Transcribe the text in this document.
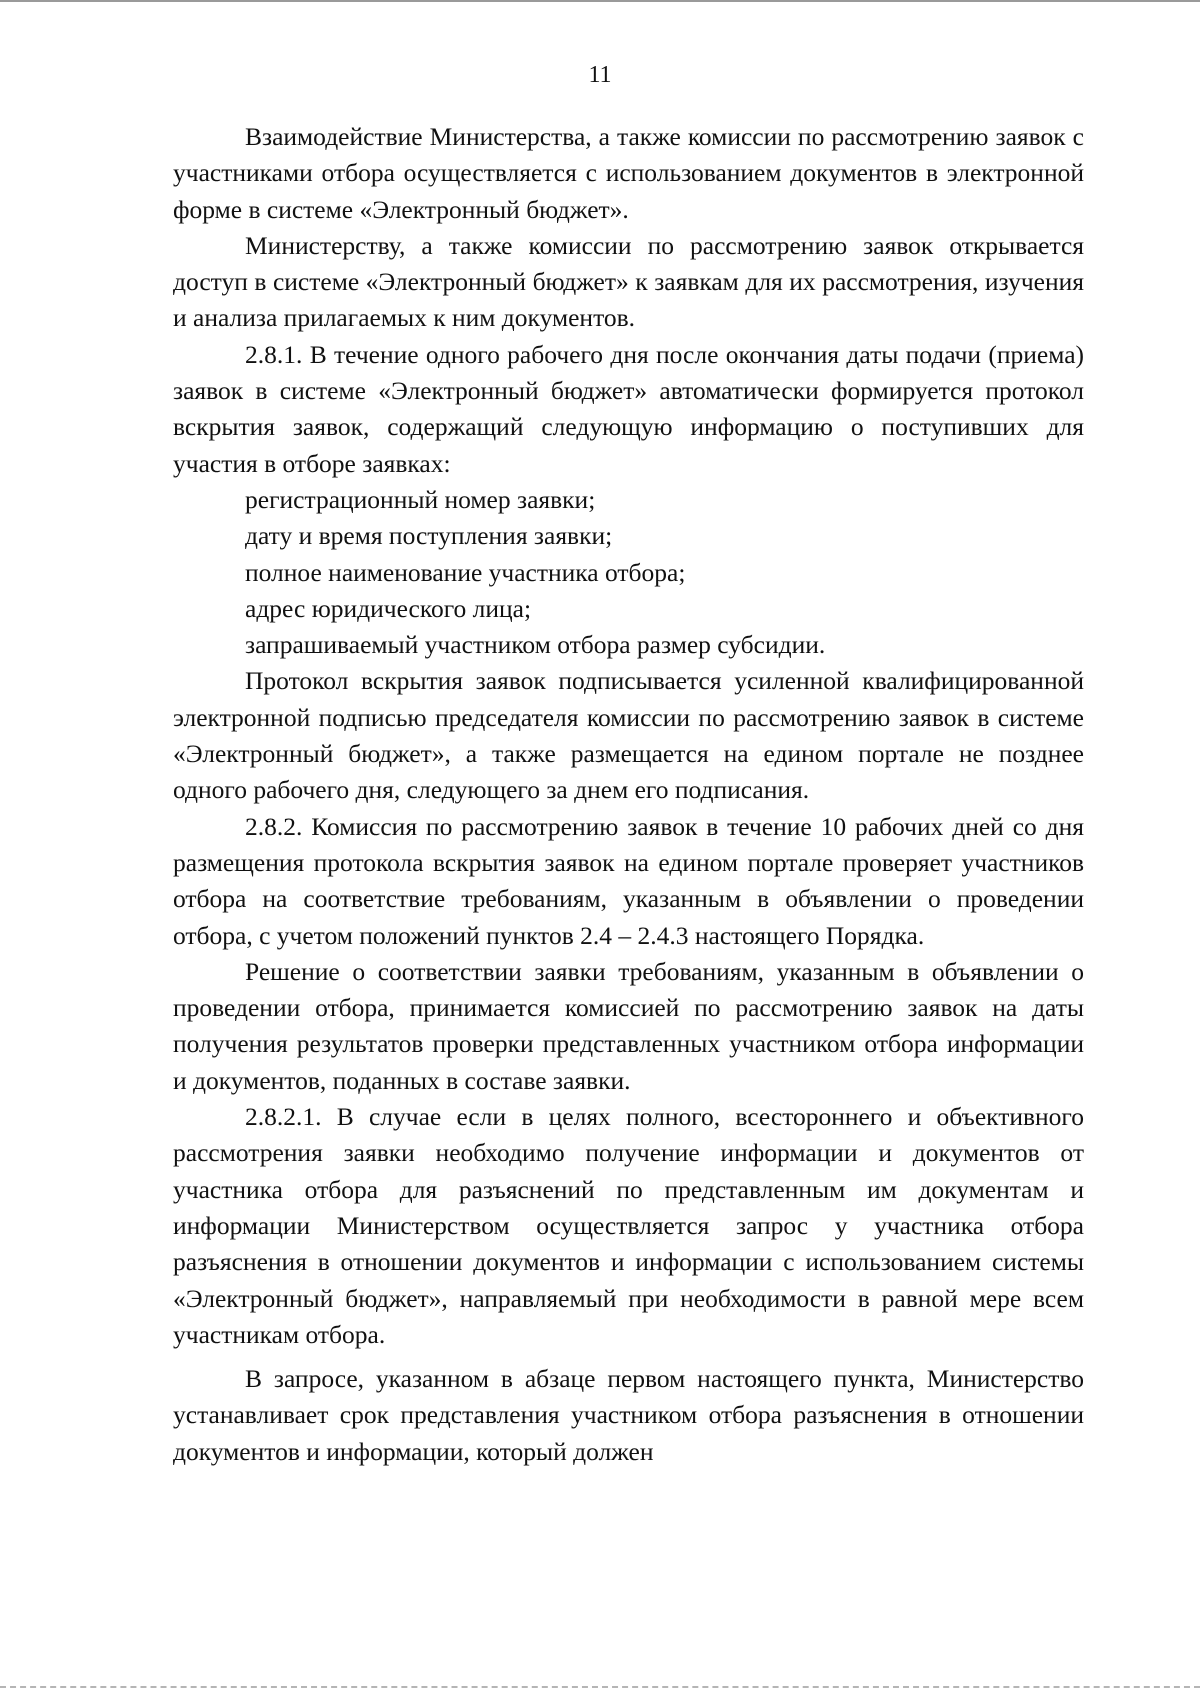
11

Взаимодействие Министерства, а также комиссии по рассмотрению заявок с участниками отбора осуществляется с использованием документов в электронной форме в системе «Электронный бюджет».

Министерству, а также комиссии по рассмотрению заявок открывается доступ в системе «Электронный бюджет» к заявкам для их рассмотрения, изучения и анализа прилагаемых к ним документов.

2.8.1. В течение одного рабочего дня после окончания даты подачи (приема) заявок в системе «Электронный бюджет» автоматически формируется протокол вскрытия заявок, содержащий следующую информацию о поступивших для участия в отборе заявках:

регистрационный номер заявки;

дату и время поступления заявки;

полное наименование участника отбора;

адрес юридического лица;

запрашиваемый участником отбора размер субсидии.

Протокол вскрытия заявок подписывается усиленной квалифицированной электронной подписью председателя комиссии по рассмотрению заявок в системе «Электронный бюджет», а также размещается на едином портале не позднее одного рабочего дня, следующего за днем его подписания.

2.8.2. Комиссия по рассмотрению заявок в течение 10 рабочих дней со дня размещения протокола вскрытия заявок на едином портале проверяет участников отбора на соответствие требованиям, указанным в объявлении о проведении отбора, с учетом положений пунктов 2.4 – 2.4.3 настоящего Порядка.

Решение о соответствии заявки требованиям, указанным в объявлении о проведении отбора, принимается комиссией по рассмотрению заявок на даты получения результатов проверки представленных участником отбора информации и документов, поданных в составе заявки.

2.8.2.1. В случае если в целях полного, всестороннего и объективного рассмотрения заявки необходимо получение информации и документов от участника отбора для разъяснений по представленным им документам и информации Министерством осуществляется запрос у участника отбора разъяснения в отношении документов и информации с использованием системы «Электронный бюджет», направляемый при необходимости в равной мере всем участникам отбора.

В запросе, указанном в абзаце первом настоящего пункта, Министерство устанавливает срок представления участником отбора разъяснения в отношении документов и информации, который должен
